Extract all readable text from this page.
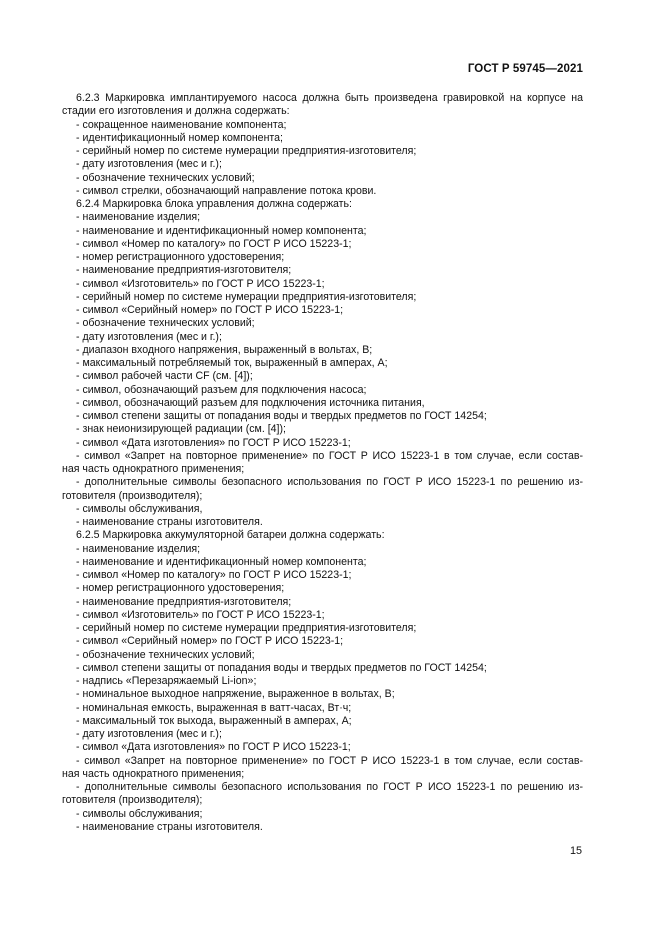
ГОСТ Р 59745—2021

6.2.3 Маркировка имплантируемого насоса должна быть произведена гравировкой на корпусе на

стадии его изготовления и должна содержать:

- сокращенное наименование компонента;

- идентификационный номер компонента;

- серийный номер по системе нумерации предприятия-изготовителя;

- дату изготовления (мес и г.);

- обозначение технических условий;

- символ стрелки, обозначающий направление потока крови.

6.2.4 Маркировка блока управления должна содержать:

- наименование изделия;

- наименование и идентификационный номер компонента;

- символ «Номер по каталогу» по ГОСТ Р ИСО 15223-1;

- номер регистрационного удостоверения;

- наименование предприятия-изготовителя;

- символ «Изготовитель» по ГОСТ Р ИСО 15223-1;

- серийный номер по системе нумерации предприятия-изготовителя;

- символ «Серийный номер» по ГОСТ Р ИСО 15223-1;

- обозначение технических условий;

- дату изготовления (мес и г.);

- диапазон входного напряжения, выраженный в вольтах, В;

- максимальный потребляемый ток, выраженный в амперах, А;

- символ рабочей части CF (см. [4]);

- символ, обозначающий разъем для подключения насоса;

- символ, обозначающий разъем для подключения источника питания,

- символ степени защиты от попадания воды и твердых предметов по ГОСТ 14254;

- знак неионизирующей радиации (см. [4]);

- символ «Дата изготовления» по ГОСТ Р ИСО 15223-1;

- символ «Запрет на повторное применение» по ГОСТ Р ИСО 15223-1 в том случае, если состав-

ная часть однократного применения;

- дополнительные символы безопасного использования по ГОСТ Р ИСО 15223-1 по решению из-

готовителя (производителя);

- символы обслуживания,

- наименование страны изготовителя.

6.2.5 Маркировка аккумуляторной батареи должна содержать:

- наименование изделия;

- наименование и идентификационный номер компонента;

- символ «Номер по каталогу» по ГОСТ Р ИСО 15223-1;

- номер регистрационного удостоверения;

- наименование предприятия-изготовителя;

- символ «Изготовитель» по ГОСТ Р ИСО 15223-1;

- серийный номер по системе нумерации предприятия-изготовителя;

- символ «Серийный номер» по ГОСТ Р ИСО 15223-1;

- обозначение технических условий;

- символ степени защиты от попадания воды и твердых предметов по ГОСТ 14254;

- надпись «Перезаряжаемый Li-ion»;

- номинальное выходное напряжение, выраженное в вольтах, В;

- номинальная емкость, выраженная в ватт-часах, Вт·ч;

- максимальный ток выхода, выраженный в амперах, А;

- дату изготовления (мес и г.);

- символ «Дата изготовления» по ГОСТ Р ИСО 15223-1;

- символ «Запрет на повторное применение» по ГОСТ Р ИСО 15223-1 в том случае, если состав-

ная часть однократного применения;

- дополнительные символы безопасного использования по ГОСТ Р ИСО 15223-1 по решению из-

готовителя (производителя);

- символы обслуживания;

- наименование страны изготовителя.

15
